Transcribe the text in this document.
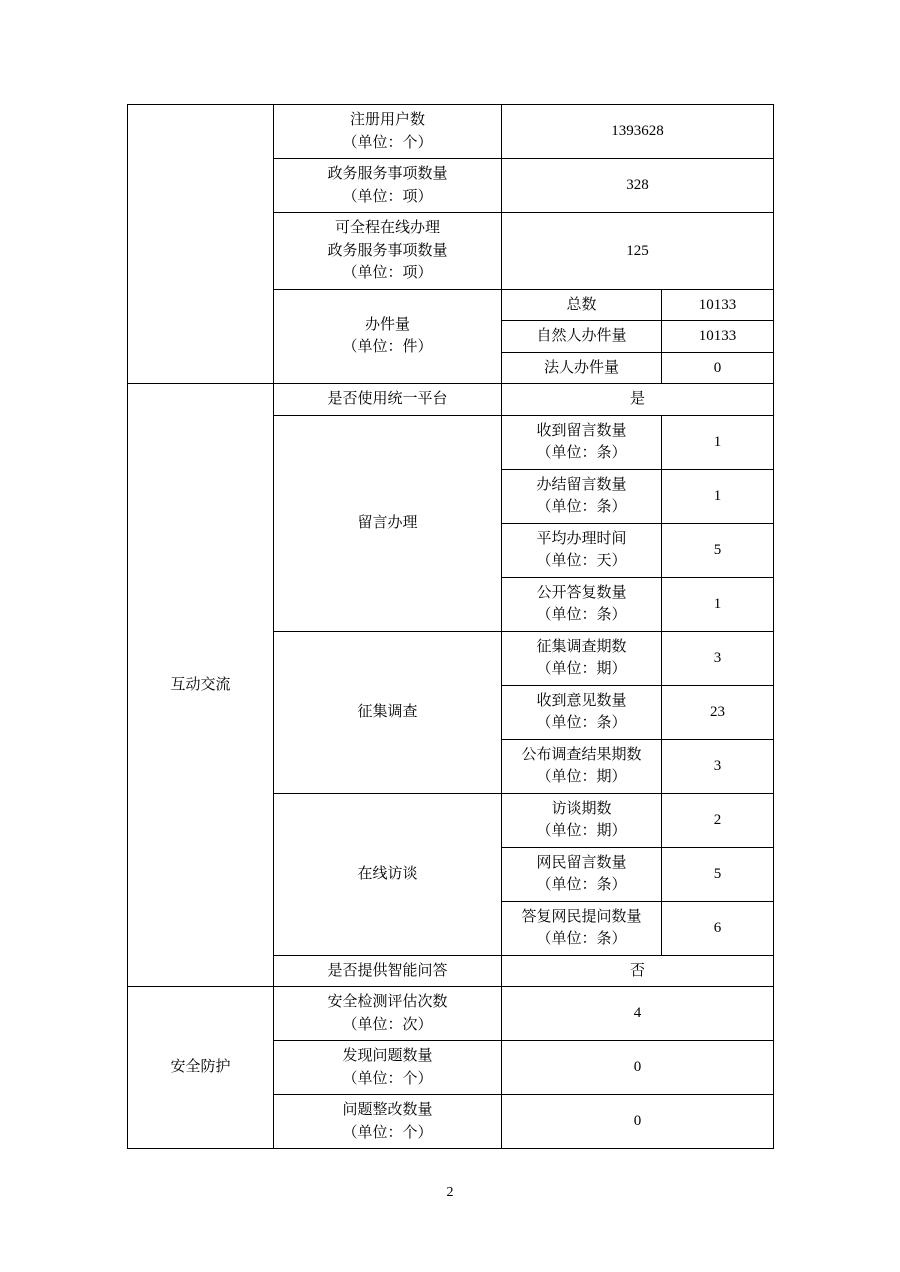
	注册用户数
（单位：个）	1393628	

	政务服务事项数量
（单位：项）	328	

	可全程在线办理
政务服务事项数量
（单位：项）	125	

	办件量
（单位：件）	总数	10133
		自然人办件量	10133
		法人办件量	0
互动交流	是否使用统一平台	是	
	留言办理	收到留言数量
（单位：条）	1

		办结留言数量
（单位：条）	1

		平均办理时间
（单位：天）	5

		公开答复数量
（单位：条）	1
	征集调查	征集调查期数
（单位：期）	3

		收到意见数量
（单位：条）	23

		公布调查结果期数
（单位：期）	3
	在线访谈	访谈期数
（单位：期）	2

		网民留言数量
（单位：条）	5

		答复网民提问数量
（单位：条）	6
	是否提供智能问答	否	
安全防护	安全检测评估次数
（单位：次）	4	

	发现问题数量
（单位：个）	0	

	问题整改数量
（单位：个）	0	
2
